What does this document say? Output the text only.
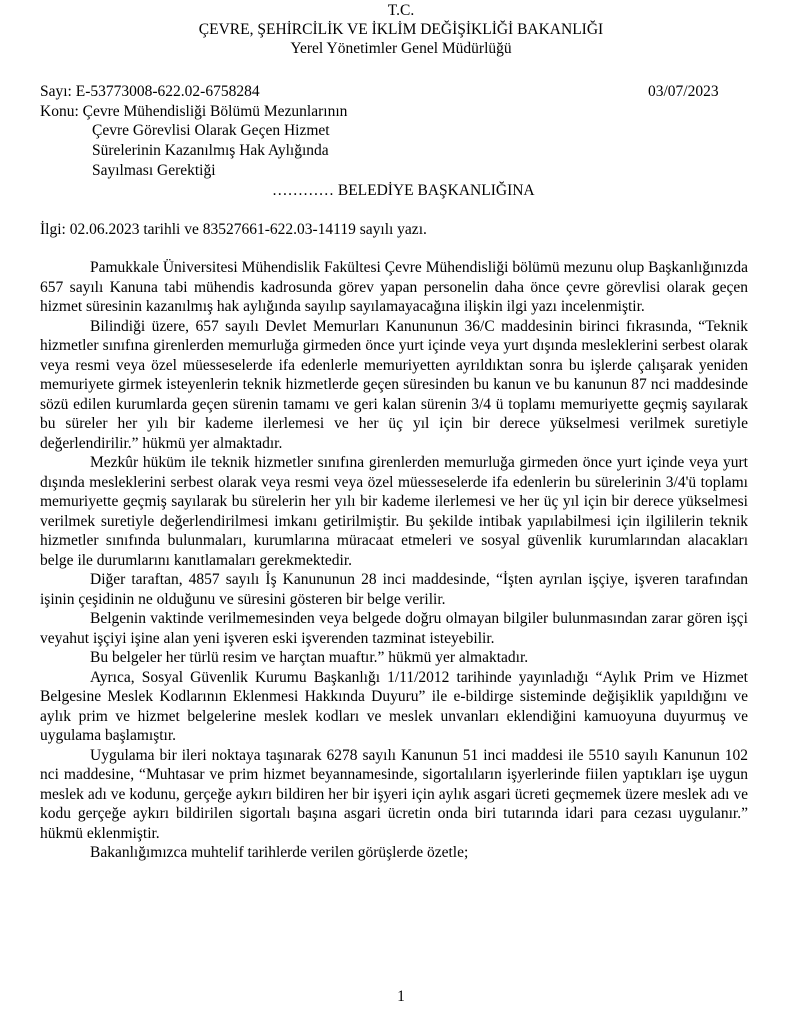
T.C.
ÇEVRE, ŞEHİRCİLİK VE İKLİM DEĞİŞİKLİĞİ BAKANLIĞI
Yerel Yönetimler Genel Müdürlüğü
Sayı: E-53773008-622.02-6758284	03/07/2023
Konu: Çevre Mühendisliği Bölümü Mezunlarının
Çevre Görevlisi Olarak Geçen Hizmet
Sürelerinin Kazanılmış Hak Aylığında
Sayılması Gerektiği
………… BELEDİYE BAŞKANLIĞINA
İlgi: 02.06.2023 tarihli ve 83527661-622.03-14119 sayılı yazı.

Pamukkale Üniversitesi Mühendislik Fakültesi Çevre Mühendisliği bölümü mezunu olup Başkanlığınızda 657 sayılı Kanuna tabi mühendis kadrosunda görev yapan personelin daha önce çevre görevlisi olarak geçen hizmet süresinin kazanılmış hak aylığında sayılıp sayılamayacağına ilişkin ilgi yazı incelenmiştir.

Bilindiği üzere, 657 sayılı Devlet Memurları Kanununun 36/C maddesinin birinci fıkrasında, “Teknik hizmetler sınıfına girenlerden memurluğa girmeden önce yurt içinde veya yurt dışında mesleklerini serbest olarak veya resmi veya özel müesseselerde ifa edenlerle memuriyetten ayrıldıktan sonra bu işlerde çalışarak yeniden memuriyete girmek isteyenlerin teknik hizmetlerde geçen süresinden bu kanun ve bu kanunun 87 nci maddesinde sözü edilen kurumlarda geçen sürenin tamamı ve geri kalan sürenin 3/4 ü toplamı memuriyette geçmiş sayılarak bu süreler her yılı bir kademe ilerlemesi ve her üç yıl için bir derece yükselmesi verilmek suretiyle değerlendirilir.” hükmü yer almaktadır.

Mezkûr hüküm ile teknik hizmetler sınıfına girenlerden memurluğa girmeden önce yurt içinde veya yurt dışında mesleklerini serbest olarak veya resmi veya özel müesseselerde ifa edenlerin bu sürelerinin 3/4'ü toplamı memuriyette geçmiş sayılarak bu sürelerin her yılı bir kademe ilerlemesi ve her üç yıl için bir derece yükselmesi verilmek suretiyle değerlendirilmesi imkanı getirilmiştir. Bu şekilde intibak yapılabilmesi için ilgililerin teknik hizmetler sınıfında bulunmaları, kurumlarına müracaat etmeleri ve sosyal güvenlik kurumlarından alacakları belge ile durumlarını kanıtlamaları gerekmektedir.

Diğer taraftan, 4857 sayılı İş Kanununun 28 inci maddesinde, “İşten ayrılan işçiye, işveren tarafından işinin çeşidinin ne olduğunu ve süresini gösteren bir belge verilir.

Belgenin vaktinde verilmemesinden veya belgede doğru olmayan bilgiler bulunmasından zarar gören işçi veyahut işçiyi işine alan yeni işveren eski işverenden tazminat isteyebilir.

Bu belgeler her türlü resim ve harçtan muaftır.” hükmü yer almaktadır.

Ayrıca, Sosyal Güvenlik Kurumu Başkanlığı 1/11/2012 tarihinde yayınladığı “Aylık Prim ve Hizmet Belgesine Meslek Kodlarının Eklenmesi Hakkında Duyuru” ile e-bildirge sisteminde değişiklik yapıldığını ve aylık prim ve hizmet belgelerine meslek kodları ve meslek unvanları eklendiğini kamuoyuna duyurmuş ve uygulama başlamıştır.

Uygulama bir ileri noktaya taşınarak 6278 sayılı Kanunun 51 inci maddesi ile 5510 sayılı Kanunun 102 nci maddesine, “Muhtasar ve prim hizmet beyannamesinde, sigortalıların işyerlerinde fiilen yaptıkları işe uygun meslek adı ve kodunu, gerçeğe aykırı bildiren her bir işyeri için aylık asgari ücreti geçmemek üzere meslek adı ve kodu gerçeğe aykırı bildirilen sigortalı başına asgari ücretin onda biri tutarında idari para cezası uygulanır.” hükmü eklenmiştir.

Bakanlığımızca muhtelif tarihlerde verilen görüşlerde özetle;

1
